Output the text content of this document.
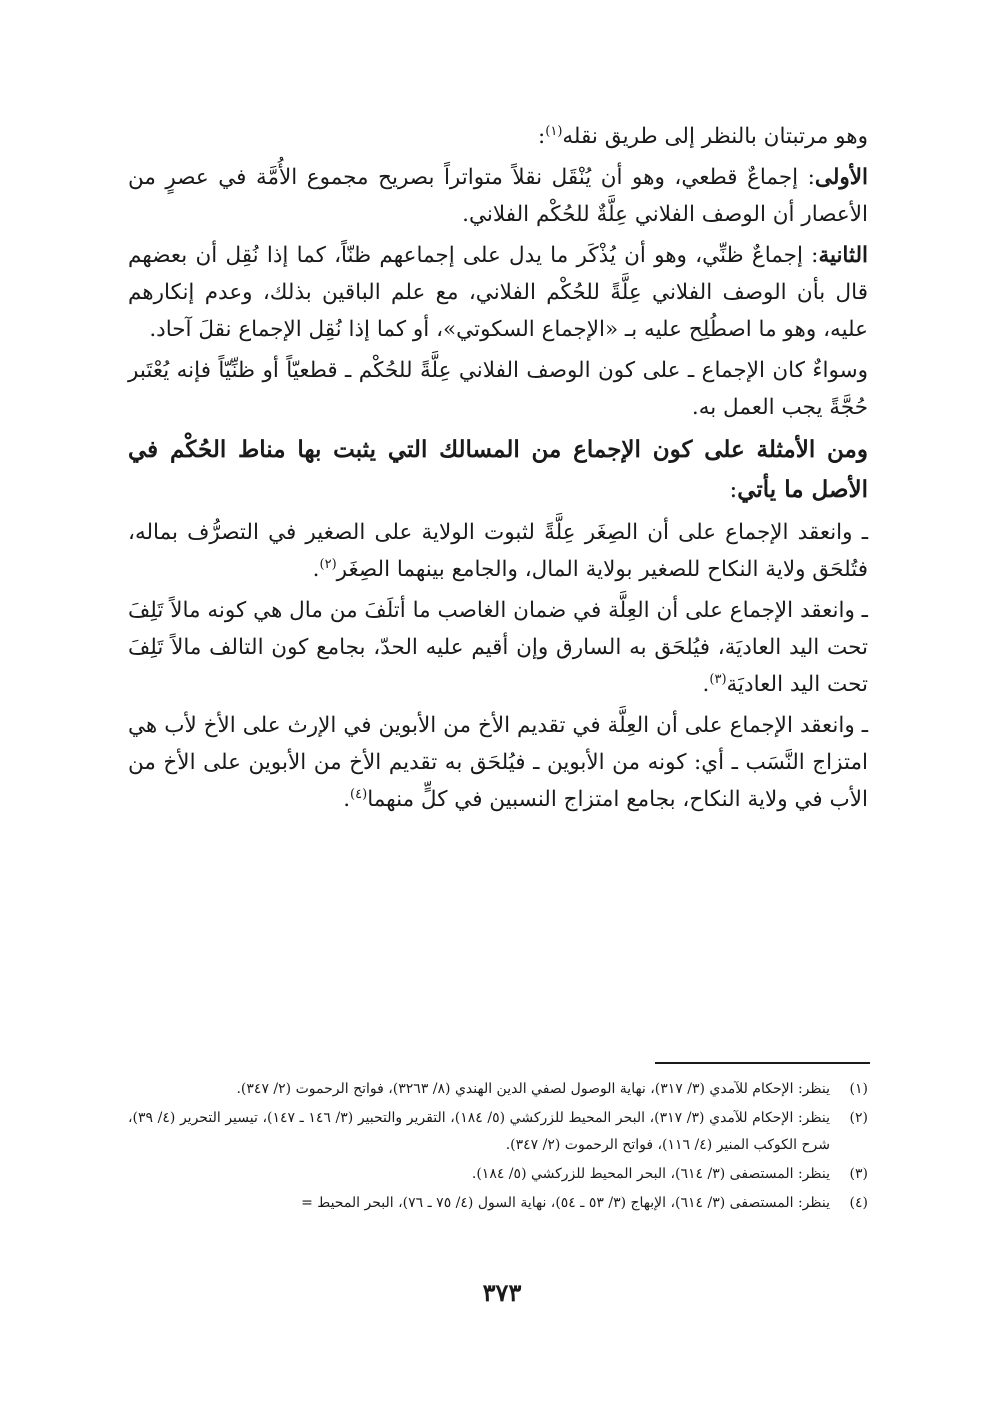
وهو مرتبتان بالنظر إلى طريق نقله$^{(١)}$:

الأولى: إجماعٌ قطعي، وهو أن يُنْقَل نقلاً متواتراً بصريح مجموع الأُمَّة في عصرٍ من الأعصار أن الوصف الفلاني عِلَّةٌ للحُكْم الفلاني.

الثانية: إجماعٌ ظنِّي، وهو أن يُذْكَر ما يدل على إجماعهم ظنّاً، كما إذا نُقِل أن بعضهم قال بأن الوصف الفلاني عِلَّةً للحُكْم الفلاني، مع علم الباقين بذلك، وعدم إنكارهم عليه، وهو ما اصطُلِح عليه بـ «الإجماع السكوتي»، أو كما إذا نُقِل الإجماع نقلَ آحاد.

وسواءٌ كان الإجماع ـ على كون الوصف الفلاني عِلَّةً للحُكْم ـ قطعيّاً أو ظنِّيّاً فإنه يُعْتَبر حُجَّةً يجب العمل به.

ومن الأمثلة على كون الإجماع من المسالك التي يثبت بها مناط الحُكْم في الأصل ما يأتي:

ـ وانعقد الإجماع على أن الصِغَر عِلَّةً لثبوت الولاية على الصغير في التصرُّف بماله، فتُلحَق ولاية النكاح للصغير بولاية المال، والجامع بينهما الصِغَر$^{(٢)}$.

ـ وانعقد الإجماع على أن العِلَّة في ضمان الغاصب ما أتلَفَ من مال هي كونه مالاً تَلِفَ تحت اليد العاديَة، فيُلحَق به السارق وإن أقيم عليه الحدّ، بجامع كون التالف مالاً تَلِفَ تحت اليد العاديَة$^{(٣)}$.

ـ وانعقد الإجماع على أن العِلَّة في تقديم الأخ من الأبوين في الإرث على الأخ لأب هي امتزاج النَّسَب ـ أي: كونه من الأبوين ـ فيُلحَق به تقديم الأخ من الأبوين على الأخ من الأب في ولاية النكاح، بجامع امتزاج النسبين في كلٍّ منهما$^{(٤)}$.

(١)
ينظر: الإحكام للآمدي (٣/ ٣١٧)، نهاية الوصول لصفي الدين الهندي (٨/ ٣٢٦٣)، فواتح الرحموت (٢/ ٣٤٧).
(٢)
ينظر: الإحكام للآمدي (٣/ ٣١٧)، البحر المحيط للزركشي (٥/ ١٨٤)، التقرير والتحبير (٣/ ١٤٦ ـ ١٤٧)، تيسير التحرير (٤/ ٣٩)، شرح الكوكب المنير (٤/ ١١٦)، فواتح الرحموت (٢/ ٣٤٧).
(٣)
ينظر: المستصفى (٣/ ٦١٤)، البحر المحيط للزركشي (٥/ ١٨٤).
(٤)
ينظر: المستصفى (٣/ ٦١٤)، الإبهاج (٣/ ٥٣ ـ ٥٤)، نهاية السول (٤/ ٧٥ ـ ٧٦)، البحر المحيط =
٣٧٣
